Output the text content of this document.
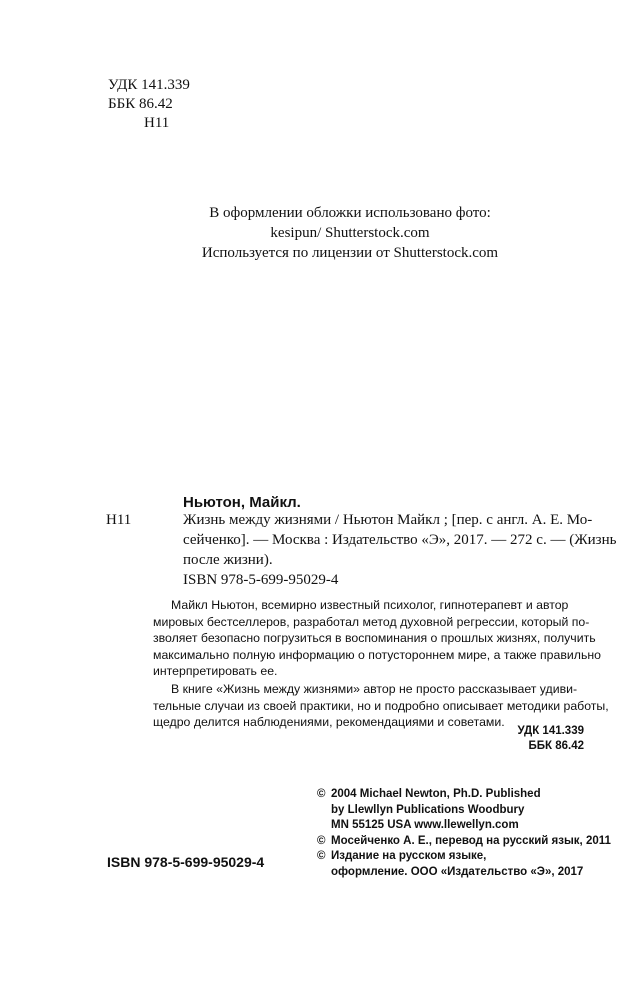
УДК 141.339
ББК 86.42
Н11
В оформлении обложки использовано фото:
kesipun/ Shutterstock.com
Используется по лицензии от Shutterstock.com
Ньютон, Майкл.
Н11	Жизнь между жизнями / Ньютон Майкл ; [пер. с англ. А. Е. Мо-
сейченко]. — Москва : Издательство «Э», 2017. — 272 с. — (Жизнь
после жизни).
ISBN 978-5-699-95029-4

Майкл Ньютон, всемирно известный психолог, гипнотерапевт и автор
мировых бестселлеров, разработал метод духовной регрессии, который по-
зволяет безопасно погрузиться в воспоминания о прошлых жизнях, получить
максимально полную информацию о потустороннем мире, а также правильно
интерпретировать ее.

В книге «Жизнь между жизнями» автор не просто рассказывает удиви-
тельные случаи из своей практики, но и подробно описывает методики работы,
щедро делится наблюдениями, рекомендациями и советами.

УДК 141.339
ББК 86.42
© 2004 Michael Newton, Ph.D. Published
by Llewllyn Publications Woodbury
MN 55125 USA www.llewellyn.com
© Мосейченко А. Е., перевод на русский язык, 2011
© Издание на русском языке,
оформление. ООО «Издательство «Э», 2017
ISBN 978-5-699-95029-4
